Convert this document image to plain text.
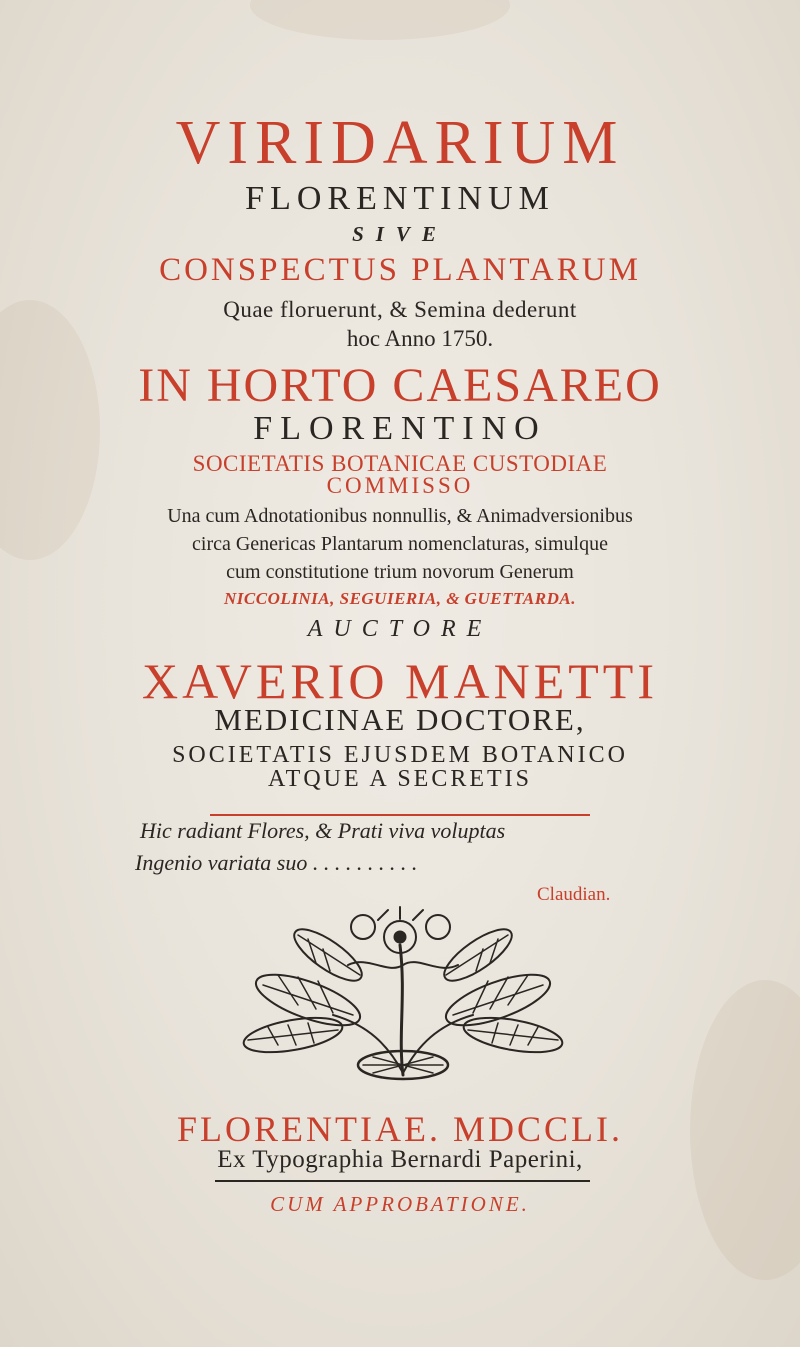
VIRIDARIUM
FLORENTINUM
SIVE
CONSPECTUS PLANTARUM
Quae floruerunt, & Semina dederunt
hoc Anno 1750.
IN HORTO CAESAREO
FLORENTINO
SOCIETATIS BOTANICAE CUSTODIAE
COMMISSO
Una cum Adnotationibus nonnullis, & Animadversionibus
circa Genericas Plantarum nomenclaturas, simulque
cum constitutione trium novorum Generum
NICCOLINIA, SEGUIERIA, & GUETTARDA.
AUCTORE
XAVERIO MANETTI
MEDICINAE DOCTORE,
SOCIETATIS EJUSDEM BOTANICO
ATQUE A SECRETIS
Hic radiant Flores, & Prati viva voluptas
Ingenio variata suo . . . . . . . . . .
Claudian.
FLORENTIAE. MDCCLI.
Ex Typographia Bernardi Paperini,
CUM APPROBATIONE.
